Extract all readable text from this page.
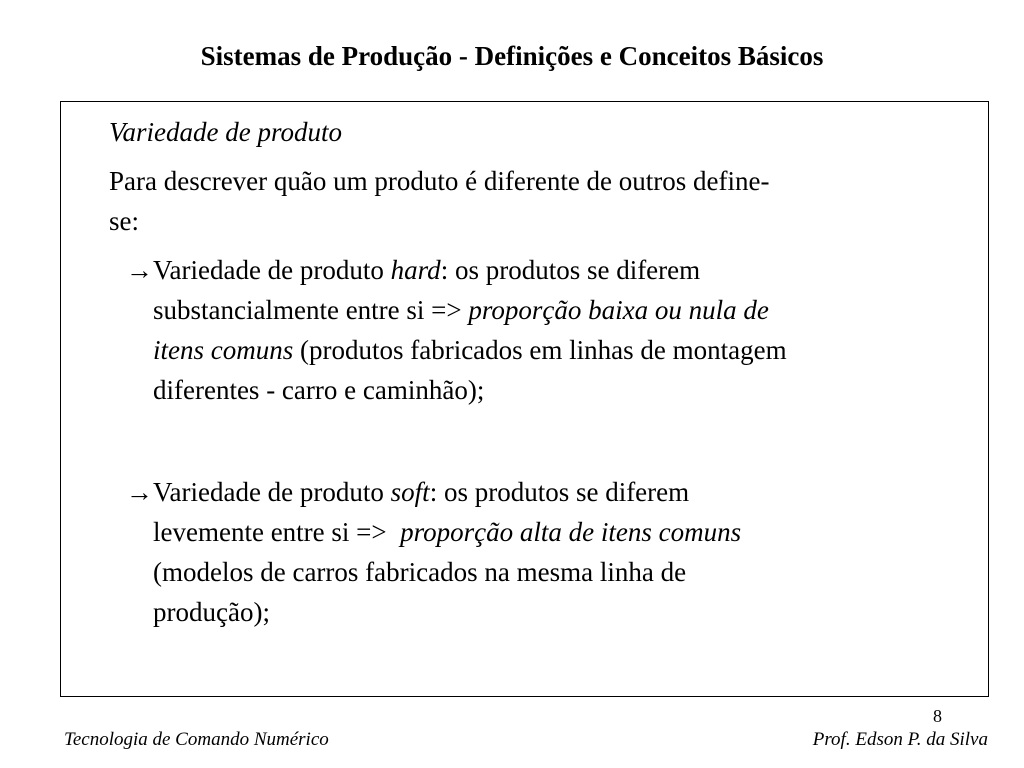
Sistemas de Produção - Definições e Conceitos Básicos
Variedade de produto
Para descrever quão um produto é diferente de outros define-
se:
→ Variedade de produto hard: os produtos se diferem
substancialmente entre si => proporção baixa ou nula de
itens comuns (produtos fabricados em linhas de montagem
diferentes - carro e caminhão);
→ Variedade de produto soft: os produtos se diferem
levemente entre si =>  proporção alta de itens comuns
(modelos de carros fabricados na mesma linha de
produção);
8
Tecnologia de Comando Numérico	Prof. Edson P. da Silva
